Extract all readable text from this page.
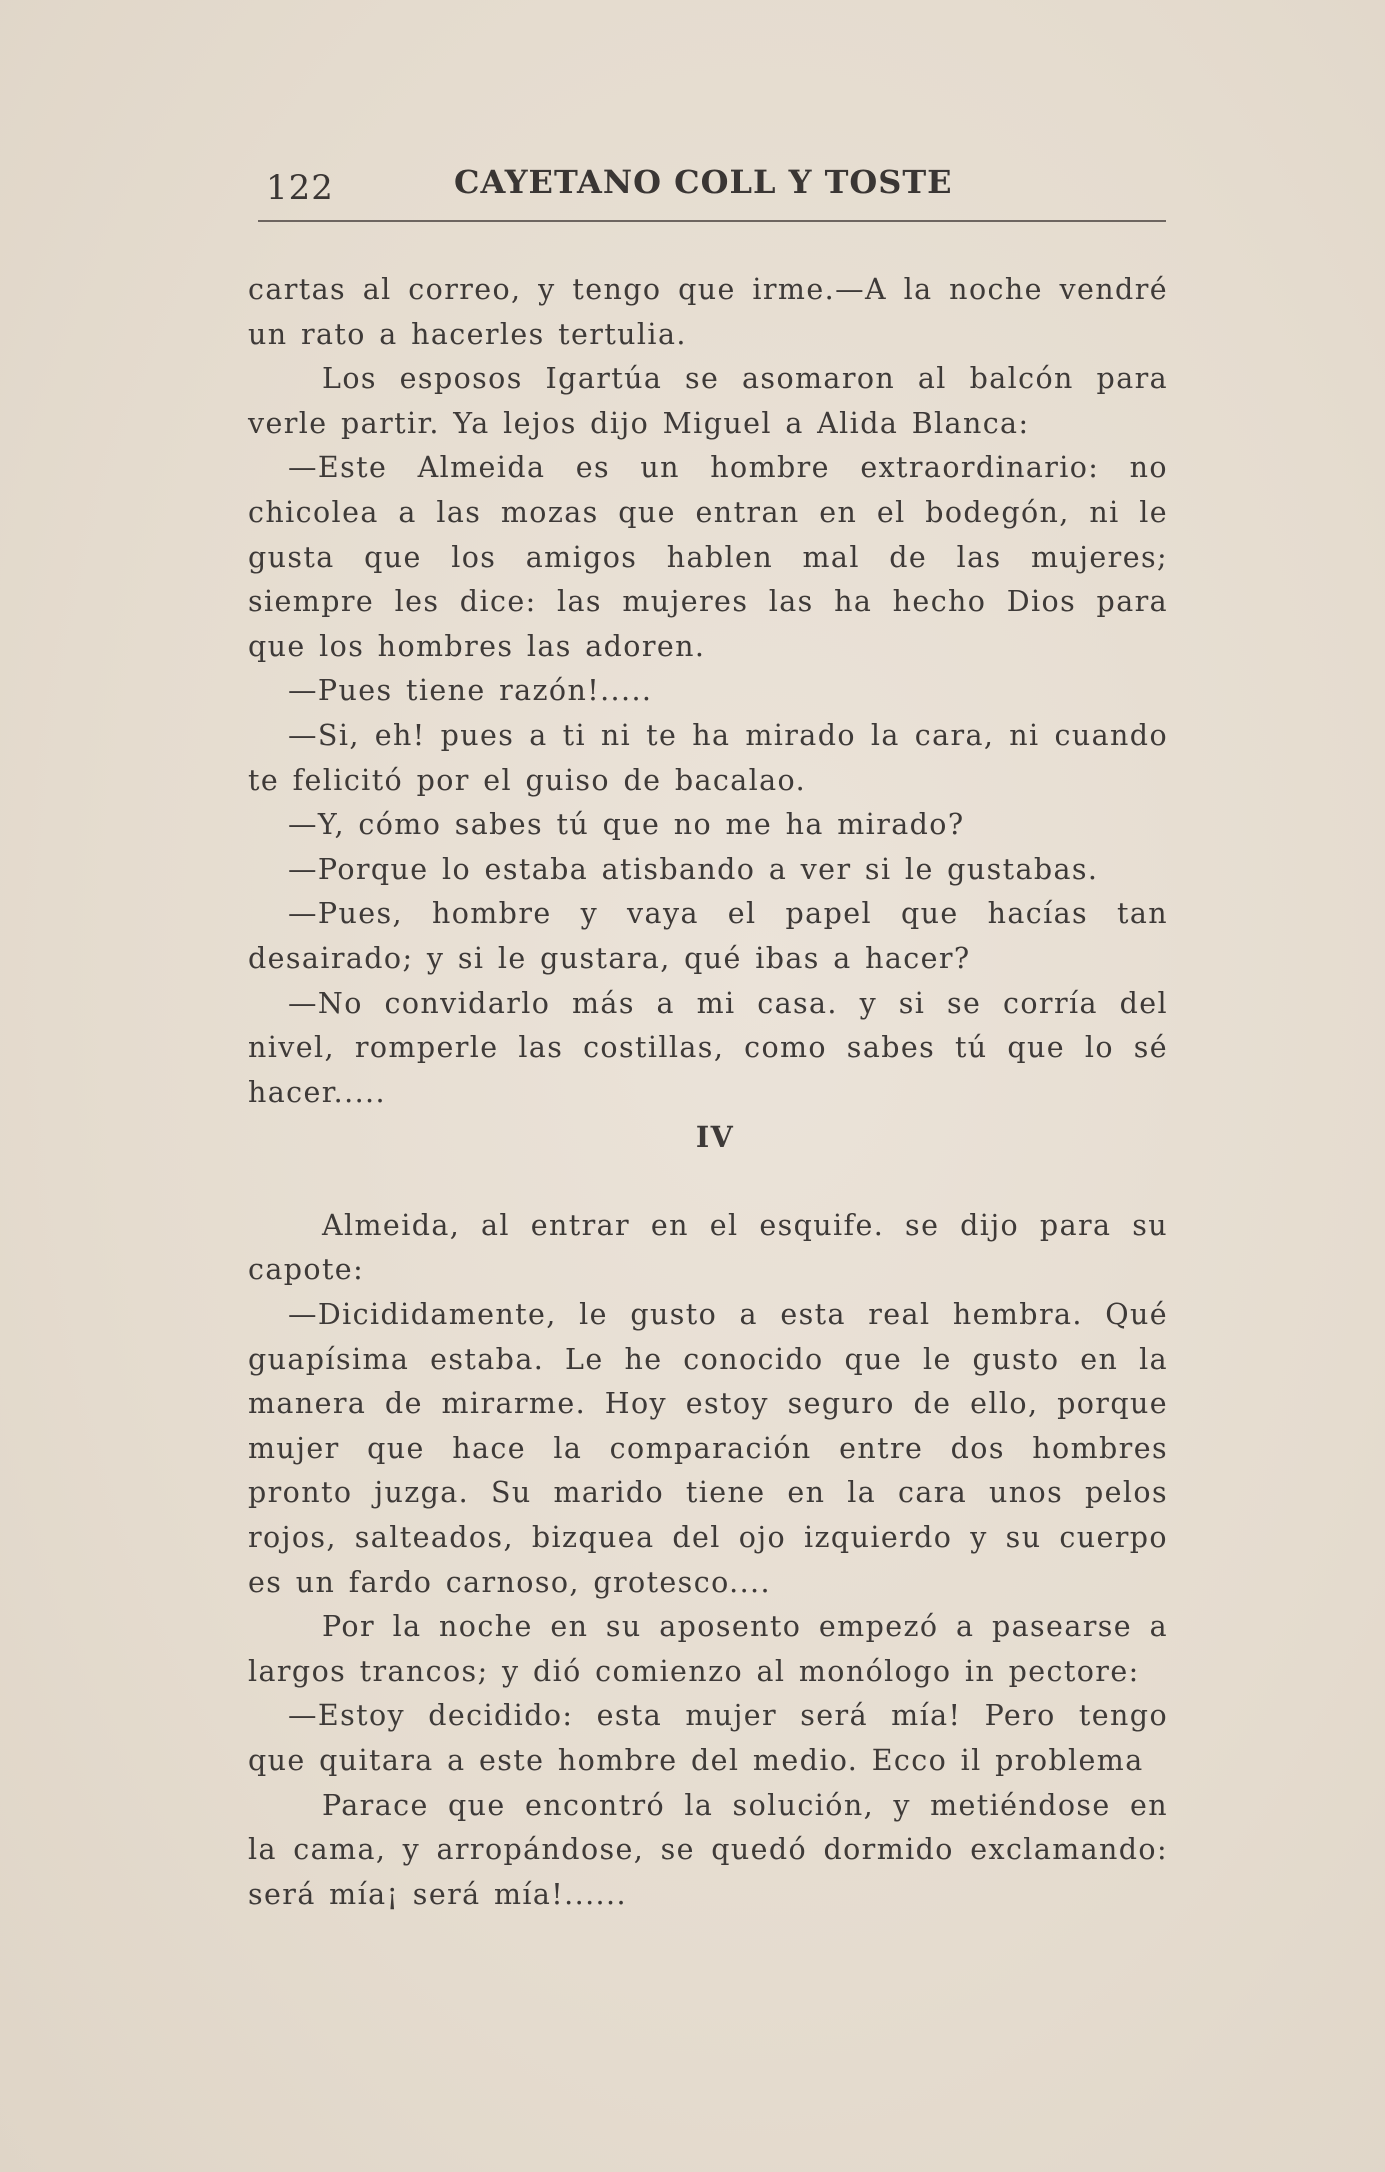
122	CAYETANO COLL Y TOSTE

cartas al correo, y tengo que irme.—A la noche vendré un rato a hacerles tertulia.

Los esposos Igartúa se asomaron al balcón para verle partir. Ya lejos dijo Miguel a Alida Blanca:

—Este Almeida es un hombre extraordinario: no chicolea a las mozas que entran en el bodegón, ni le gusta que los amigos hablen mal de las mujeres; siempre les dice: las mujeres las ha hecho Dios para que los hombres las adoren.

—Pues tiene razón!.....

—Si, eh! pues a ti ni te ha mirado la cara, ni cuando te felicitó por el guiso de bacalao.

—Y, cómo sabes tú que no me ha mirado?

—Porque lo estaba atisbando a ver si le gustabas.

—Pues, hombre y vaya el papel que hacías tan desairado; y si le gustara, qué ibas a hacer?

—No convidarlo más a mi casa. y si se corría del nivel, romperle las costillas, como sabes tú que lo sé hacer.....

IV

Almeida, al entrar en el esquife. se dijo para su capote:

—Dicididamente, le gusto a esta real hembra. Qué guapísima estaba. Le he conocido que le gusto en la manera de mirarme. Hoy estoy seguro de ello, porque mujer que hace la comparación entre dos hombres pronto juzga. Su marido tiene en la cara unos pelos rojos, salteados, bizquea del ojo izquierdo y su cuerpo es un fardo carnoso, grotesco....

Por la noche en su aposento empezó a pasearse a largos trancos; y dió comienzo al monólogo in pectore:

—Estoy decidido: esta mujer será mía! Pero tengo que quitara a este hombre del medio. Ecco il problema

Parace que encontró la solución, y metiéndose en la cama, y arropándose, se quedó dormido exclamando: será mía¡ será mía!......
